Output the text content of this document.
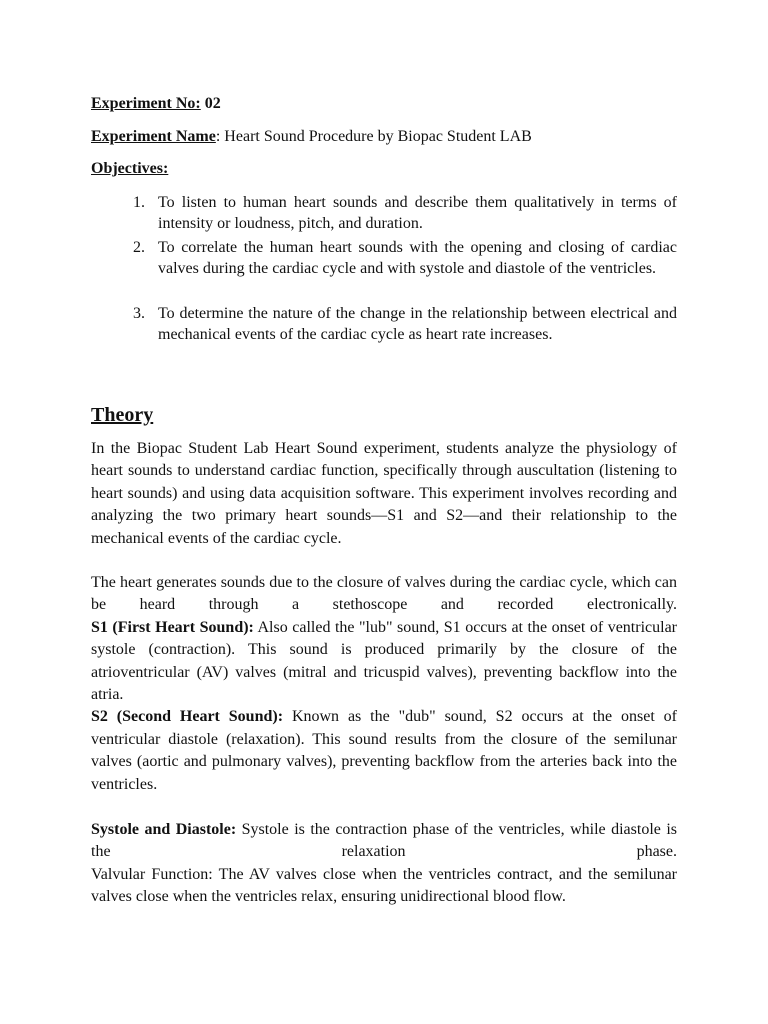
Experiment No: 02
Experiment Name: Heart Sound Procedure by Biopac Student LAB
Objectives:
1. To listen to human heart sounds and describe them qualitatively in terms of intensity or loudness, pitch, and duration.
2. To correlate the human heart sounds with the opening and closing of cardiac valves during the cardiac cycle and with systole and diastole of the ventricles.
3. To determine the nature of the change in the relationship between electrical and mechanical events of the cardiac cycle as heart rate increases.
Theory
In the Biopac Student Lab Heart Sound experiment, students analyze the physiology of heart sounds to understand cardiac function, specifically through auscultation (listening to heart sounds) and using data acquisition software. This experiment involves recording and analyzing the two primary heart sounds—S1 and S2—and their relationship to the mechanical events of the cardiac cycle.
The heart generates sounds due to the closure of valves during the cardiac cycle, which can be heard through a stethoscope and recorded electronically.
S1 (First Heart Sound): Also called the "lub" sound, S1 occurs at the onset of ventricular systole (contraction). This sound is produced primarily by the closure of the atrioventricular (AV) valves (mitral and tricuspid valves), preventing backflow into the atria.
S2 (Second Heart Sound): Known as the "dub" sound, S2 occurs at the onset of ventricular diastole (relaxation). This sound results from the closure of the semilunar valves (aortic and pulmonary valves), preventing backflow from the arteries back into the ventricles.
Systole and Diastole: Systole is the contraction phase of the ventricles, while diastole is the relaxation phase.
Valvular Function: The AV valves close when the ventricles contract, and the semilunar valves close when the ventricles relax, ensuring unidirectional blood flow.
